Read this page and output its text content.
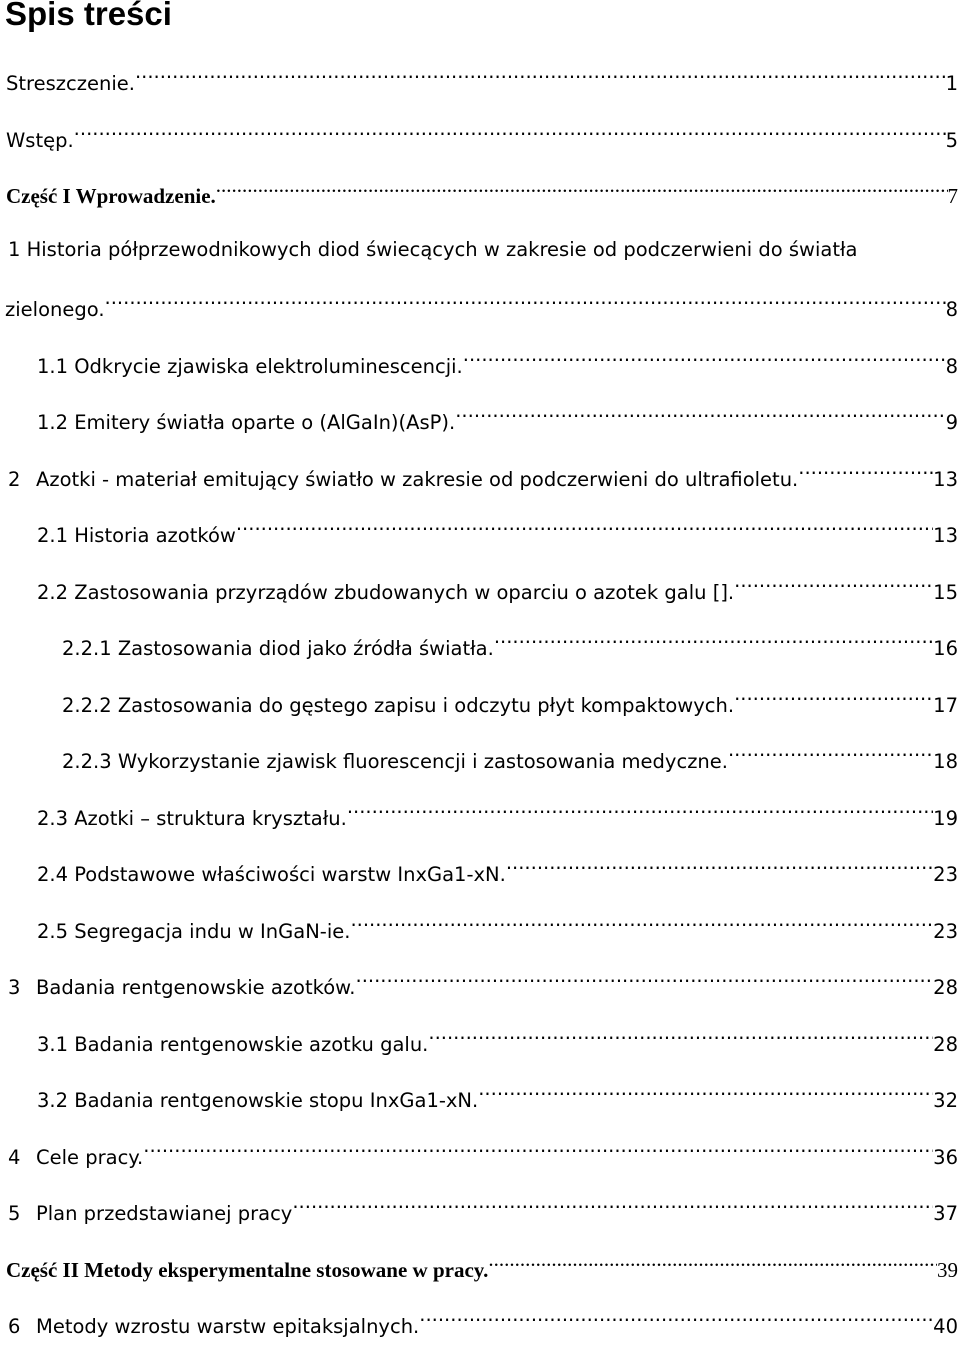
Spis treści
Streszczenie. .....	1
Wstęp. .....	5
Część I Wprowadzenie. .....	7
1 Historia półprzewodnikowych diod świecących w zakresie od podczerwieni do światła
zielonego. .....	8
1.1 Odkrycie zjawiska elektroluminescencji. .....	8
1.2 Emitery światła oparte o (AlGaIn)(AsP). .....	9
2 Azotki - materiał emitujący światło w zakresie od podczerwieni do ultrafioletu. .....	13
2.1 Historia azotków .....	13
2.2 Zastosowania przyrządów zbudowanych w oparciu o azotek galu []. .....	15
2.2.1 Zastosowania diod jako źródła światła. .....	16
2.2.2 Zastosowania do gęstego zapisu i odczytu płyt kompaktowych. .....	17
2.2.3 Wykorzystanie zjawisk fluorescencji i zastosowania medyczne. .....	18
2.3 Azotki – struktura kryształu. .....	19
2.4 Podstawowe właściwości warstw InxGa1-xN. .....	23
2.5 Segregacja indu w InGaN-ie. .....	23
3 Badania rentgenowskie azotków. .....	28
3.1 Badania rentgenowskie azotku galu. .....	28
3.2 Badania rentgenowskie stopu InxGa1-xN. .....	32
4 Cele pracy. .....	36
5 Plan przedstawianej pracy .....	37
Część II Metody eksperymentalne stosowane w pracy. .....	39
6 Metody wzrostu warstw epitaksjalnych. .....	40
